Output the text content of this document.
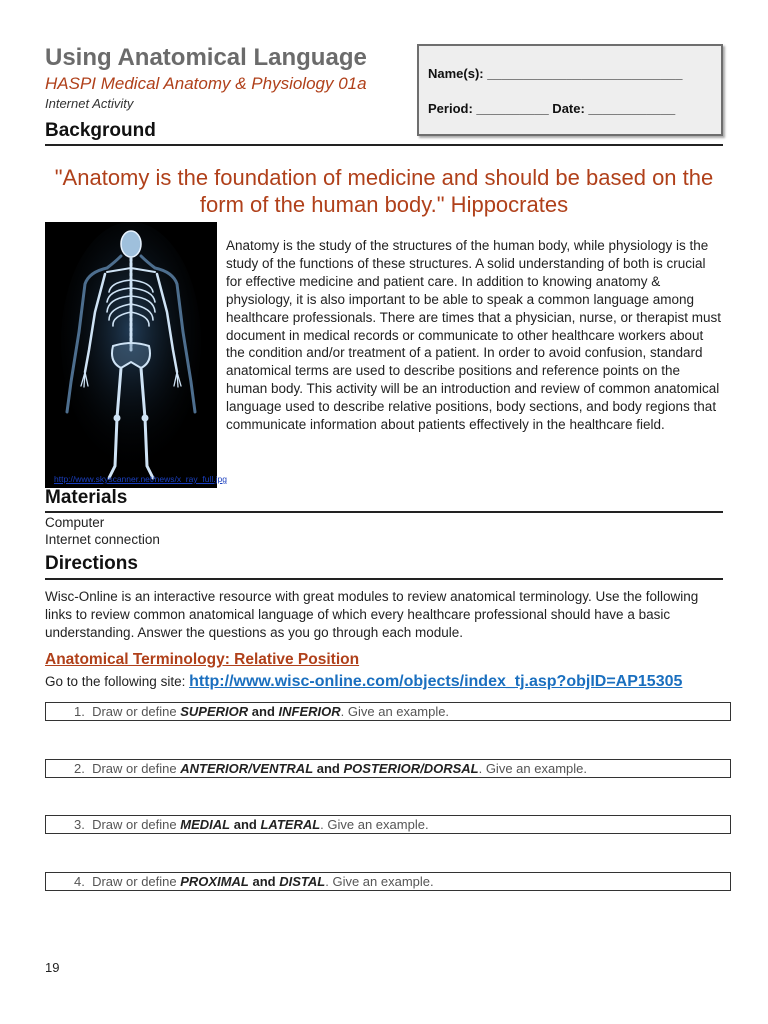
Using Anatomical Language
HASPI Medical Anatomy & Physiology 01a
Internet Activity
Name(s): ___________________________
Period: __________ Date: ____________
Background
"Anatomy is the foundation of medicine and should be based on the form of the human body." Hippocrates
http://www.skyscanner.net/news/x_ray_full.jpg
Anatomy is the study of the structures of the human body, while physiology is the study of the functions of these structures. A solid understanding of both is crucial for effective medicine and patient care. In addition to knowing anatomy & physiology, it is also important to be able to speak a common language among healthcare professionals. There are times that a physician, nurse, or therapist must document in medical records or communicate to other healthcare workers about the condition and/or treatment of a patient. In order to avoid confusion, standard anatomical terms are used to describe positions and reference points on the human body. This activity will be an introduction and review of common anatomical language used to describe relative positions, body sections, and body regions that communicate information about patients effectively in the healthcare field.
Materials
Computer
Internet connection
Directions
Wisc-Online is an interactive resource with great modules to review anatomical terminology. Use the following links to review common anatomical language of which every healthcare professional should have a basic understanding. Answer the questions as you go through each module.
Anatomical Terminology: Relative Position
Go to the following site: http://www.wisc-online.com/objects/index_tj.asp?objID=AP15305
1. Draw or define SUPERIOR and INFERIOR. Give an example.
2. Draw or define ANTERIOR/VENTRAL and POSTERIOR/DORSAL. Give an example.
3. Draw or define MEDIAL and LATERAL. Give an example.
4. Draw or define PROXIMAL and DISTAL. Give an example.
19
